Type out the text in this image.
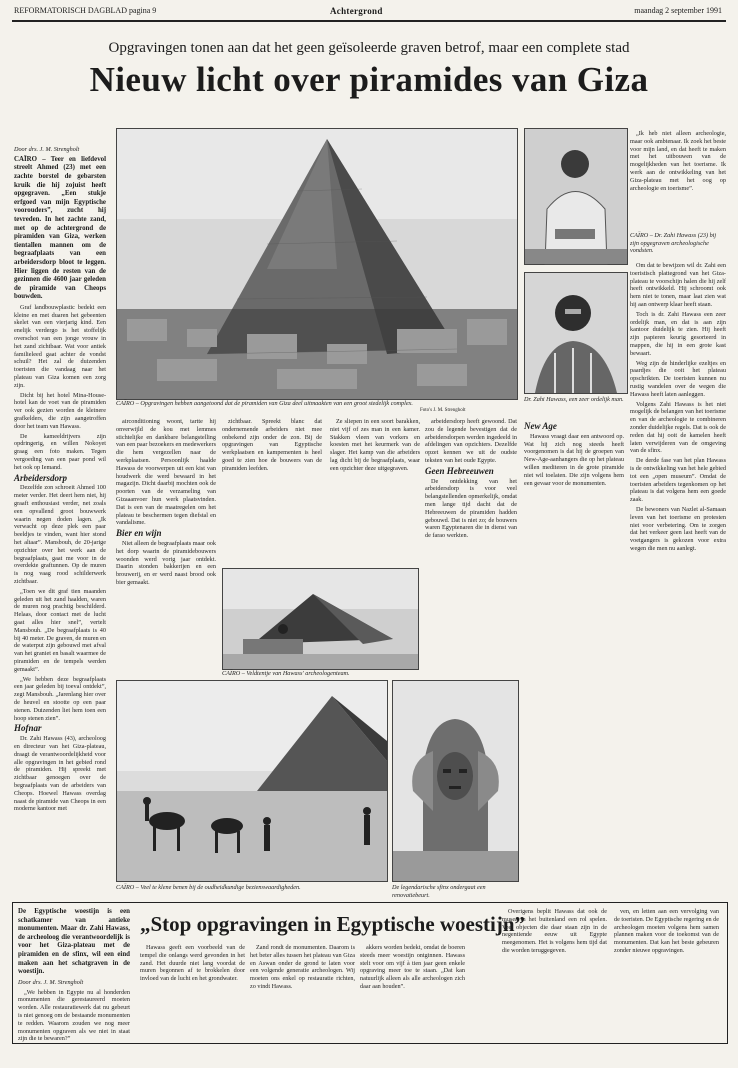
REFORMATORISCH DAGBLAD pagina 9	Achtergrond	maandag 2 september 1991
Opgravingen tonen aan dat het geen geïsoleerde graven betrof, maar een complete stad
Nieuw licht over piramides van Giza

Door drs. J. M. Strengholt

CAÏRO – Teer en liefdevol streelt Ahmed (23) met een zachte borstel de gebarsten kruik die hij zojuist heeft opgegraven. „Een stukje erfgoed van mijn Egyptische voorouders”, zucht hij tevreden. In het zachte zand, met op de achtergrond de piramiden van Giza, werken tientallen mannen om de begraafplaats van een arbeidersdorp bloot te leggen. Hier liggen de resten van de gezinnen die 4600 jaar geleden de piramide van Cheops bouwden.

Graf landbouwplastic bedekt een kleine en met duaren het gebeenten skelet van een vierjarig kind. Een enelijk verdergo is het stoffelijk overschot van een jonge vrouw in het zand zichtbaar. Wat voor antiek familieleed gaat achter de vondst schuil? Het zal de duizenden toeristen die vandaag naar het plateau van Giza komen een zorg zijn.

Dicht bij het hotel Mina-House-hotel kan de voet van de piramiden ver ook gezien worden de kleinere grafkelders, die zijn aangetroffen door het team van Hawass.

De kameeldrijvers zijn opdringerig, en willen Nokoyet graag een foto maken. Tegen vergoeding van een paar pond wil het ook op Iemand.

Arbeidersdorp

Dezelfde zon schroeit Ahmed 100 meter verder. Het deert hem niet, hij graaft enthousiast verder, net zoals een opvallend groot bouwwerk waarin negen doden lagen. „Ik verwacht op deze plek een paar beeldjes te vinden, want hier stond het altaar”. Mansbouh, de 20-jarige opzichter over het werk aan de begraafplaats, gaat me voor in de overdekte graftunnen. Op de muren is nog vaag rood schilderwerk zichtbaar.

„Toen we dit graf tien maanden geleden uit het zand haalden, waren de muren nog prachtig beschilderd. Helaas, door contact met de lucht gaat alles hier snel”, vertelt Mansbouh. „De begraafplaats is 40 bij 40 meter. De graven, de muren en de waterput zijn gebouwd met afval van het graniet en basalt waarmee de piramiden en de tempels werden gemaakt”.

„We hebben deze begraafplaats een jaar geleden bij toeval ontdekt”, zegt Mansbouh. „Jarenlang hier over de heuvel en stootte op een paar stenen. Duizenden liet hem toen een hoop stenen zien”.

Hofnar

Dr. Zahi Hawass (43), archeoloog en directeur van het Giza-plateau, draagt de verantwoordelijkheid voor alle opgravingen in het gebied rond de piramiden. Hij spreekt met zichtbaar genoegen over de begraafplaats van de arbeiders van Cheops. Hoewel Hawass overdag naast de piramide van Cheops in een moderne kantoor met

CAÏRO – Opgravingen hebben aangetoond dat de piramiden van Giza deel uitmaakten van een groot stedelijk complex.
Foto's J. M. Strengholt

airconditioning woont, tartte hij onverwijld de kou met lemmes stichtelijke en dankbare belangstelling van een paar bezoekers en medewerkers die hem vergezellen naar de werkplaatsen. Persoonlijk haalde Hawass de voorwerpen uit een kist van houdwerk die werd bewaard in het magazijn. Dicht daarbij mochten ook de poorten van de verzameling van Gizaaanvoer hun werk plaatsvinden. Dat is een van de maatregelen om het plateau te beschermen tegen diefstal en vandalisme.

Bier en wijn

Niet alleen de begraafplaats maar ook het dorp waarin de piramidebouwers woonden werd vorig jaar ontdekt. Daarin stonden bakkerijen en een brouwerij, en er werd naast brood ook bier gemaakt.

zichtbaar. Spreekt blanc dat ondernemende arbeiders niet mee onbekend zijn onder de zon. Bij de opgravingen van Egyptische werkplaatsen en kampementen is heel goed te zien hoe de bouwers van de piramiden leefden.

Ze sliepen in een soort barakken, niet vijf of zes man in een kamer. Stakken vleen van vorkers en koesten met het keurmerk van de slager. Het kamp van die arbeiders lag dicht bij de begraafplaats, waar een opzichter deze uitgegraven.

arbeidersdorp heeft gewoond. Dat zou de legende bevestigen dat de arbeidersdorpen werden ingedeeld in afdelingen van opzichters. Dezelfde opzet kennen we uit de oudste teksten van het oude Egypte.

Geen Hebreeuwen

De ontdekking van het arbeidersdorp is voor veel belangstellenden opmerkelijk, omdat men lange tijd dacht dat de Hebreeuwen de piramiden hadden gebouwd. Dat is niet zo; de bouwers waren Egyptenaren die in dienst van de farao werkten.

CAÏRO – Veldtentje van Hawass' archeologenteam.
CAÏRO – Veel te klene benen bij de oudheidkundige bezienswaardigheden.	De legendarische sfinx ondergaat een renovatiebeurt.
CAÏRO – Dr. Zahi Hawass (23) bij zijn opgegraven archeologische vondsten.
Dr. Zahi Hawass, een zeer ordelijk man.

„Ik heb niet alleen archeologie, maar ook ambtenaar. Ik zoek het beste voor mijn land, en dat heeft te maken met het uitbouwen van de mogelijkheden van het toerisme. Ik werk aan de ontwikkeling van het Giza-plateau met het oog op archeologie en toerisme”.

Om dat te bewijzen wil dr. Zahi een toeristisch plattegrond van het Giza-plateau te voorschijn halen die hij zelf heeft ontwikkeld. Hij schroomt ook hem niet te tonen, maar laat zien wat hij aan ontwerp klaar heeft staan.

Toch is dr. Zahi Hawass een zeer ordelijk man, en dat is aan zijn kantoor duidelijk te zien. Hij heeft zijn papieren keurig gesorteerd in mappen, die hij in een grote kast bewaart.

Weg zijn de hinderlijke ezeltjes en paardjes die ooit het plateau opschrikten. De toeristen kunnen nu rustig wandelen over de wegen die Hawass heeft laten aanleggen.

Volgens Zahi Hawass is het niet mogelijk de belangen van het toerisme en van de archeologie te combineren zonder duidelijke regels. Dat is ook de reden dat hij ooit de kamelen heeft laten verwijderen van de omgeving van de sfinx.

De derde fase van het plan Hawass is de ontwikkeling van het hele gebied tot een „open museum”. Omdat de toeristen arbeiders tegenkomen op het plateau is dat volgens hem een goede zaak.

De bewoners van Nazlet al-Samaan leven van het toerisme en protesten niet voor verbetering. Om te zorgen dat het verkeer geen last heeft van de voetgangers is gekozen voor extra wegen die men nu aanlegt.

New Age

Hawass vraagt daar een antwoord op. Wat hij zich nog steeds heeft voorgenomen is dat hij de groepen van New-Age-aanhangers die op het plateau willen mediteren in de grote piramide niet wil toelaten. Die zijn volgens hem een gevaar voor de monumenten.

De Egyptische woestijn is een schatkamer van antieke monumenten. Maar dr. Zahi Hawass, de archeoloog die verantwoordelijk is voor het Giza-plateau met de piramiden en de sfinx, wil een eind maken aan het schatgraven in de woestijn.

Door drs. J. M. Strengholt

„We hebben in Egypte nu al honderden monumenten die gerestaureerd moeten worden. Alle restauratiewerk dat nu gebeurt is niet genoeg om de bestaande monumenten te redden. Waarom zouden we nog meer monumenten opgraven als we niet in staat zijn die te bewaren?”

„Stop opgravingen in Egyptische woestijn”

Hawass geeft een voorbeeld van de tempel die onlangs werd gevonden in het zand. Het duurde niet lang voordat de muren begonnen af te brokkelen door invloed van de lucht en het grondwater.

Zand rondt de monumenten. Daarom is het beter alles tussen het plateau van Giza en Aswan onder de grond te laten voor een volgende generatie archeologen. Wij moeten ons enkel op restauratie richten, zo vindt Hawass.

akkers worden bedekt, omdat de boeren steeds meer woestijn ontginnen. Hawass stelt voor om vijf à tien jaar geen enkele opgraving meer toe te staan. „Dat kan natuurlijk alleen als alle archeologen zich daar aan houden”.

Overigens beplit Hawass dat ook de musea in het buitenland een rol spelen. Veel objecten die daar staan zijn in de negentiende eeuw uit Egypte meegenomen. Het is volgens hem tijd dat die worden teruggegeven.

ven, en letten aan een vervolging van de toeristen. De Egyptische regering en de archeologen moeten volgens hem samen plannen maken voor de toekomst van de monumenten. Dat kan het beste gebeuren zonder nieuwe opgravingen.
